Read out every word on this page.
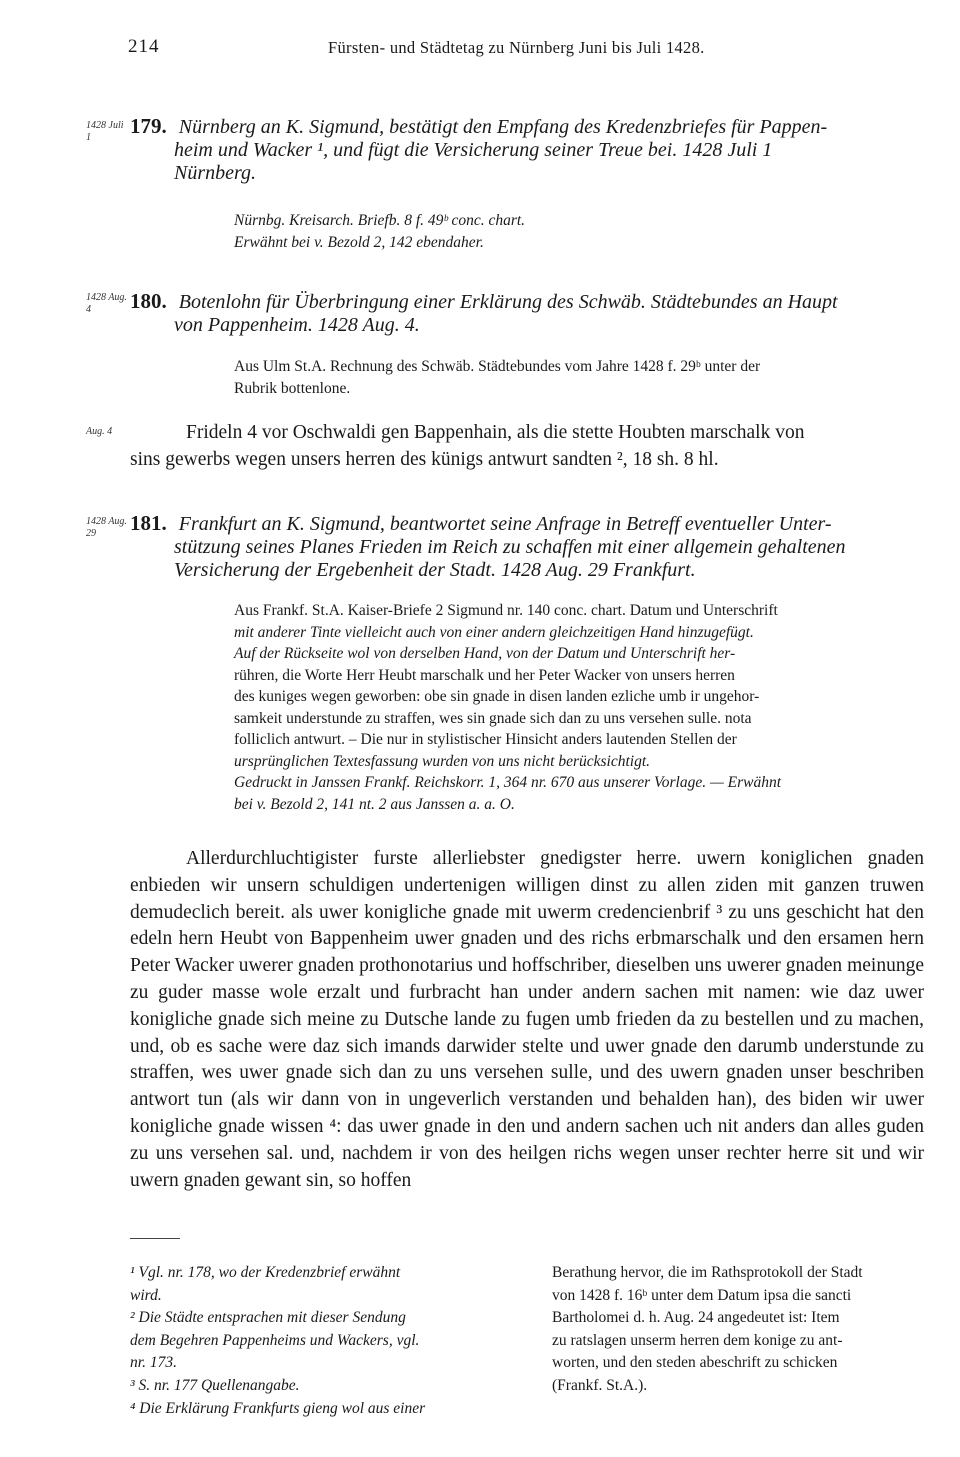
214	Fürsten- und Städtetag zu Nürnberg Juni bis Juli 1428.
1428 Juli 1	179. Nürnberg an K. Sigmund, bestätigt den Empfang des Kredenzbriefes für Pappen-
heim und Wacker ¹, und fügt die Versicherung seiner Treue bei. 1428 Juli 1
Nürnberg.
Nürnbg. Kreisarch. Briefb. 8 f. 49ᵇ conc. chart.
Erwähnt bei v. Bezold 2, 142 ebendaher.
1428 Aug. 4	180. Botenlohn für Überbringung einer Erklärung des Schwäb. Städtebundes an Haupt
von Pappenheim. 1428 Aug. 4.
Aus Ulm St.A. Rechnung des Schwäb. Städtebundes vom Jahre 1428 f. 29ᵇ unter der
Rubrik bottenlone.
Aug. 4	Frideln 4 vor Oschwaldi gen Bappenhain, als die stette Houbten marschalk von
sins gewerbs wegen unsers herren des künigs antwurt sandten ², 18 sh. 8 hl.
1428 Aug. 29	181. Frankfurt an K. Sigmund, beantwortet seine Anfrage in Betreff eventueller Unter-
stützung seines Planes Frieden im Reich zu schaffen mit einer allgemein gehaltenen
Versicherung der Ergebenheit der Stadt. 1428 Aug. 29 Frankfurt.
Aus Frankf. St.A. Kaiser-Briefe 2 Sigmund nr. 140 conc. chart. Datum und Unterschrift
mit anderer Tinte vielleicht auch von einer andern gleichzeitigen Hand hinzugefügt.
Auf der Rückseite wol von derselben Hand, von der Datum und Unterschrift her-
rühren, die Worte Herr Heubt marschalk und her Peter Wacker von unsers herren
des kuniges wegen geworben: obe sin gnade in disen landen ezliche umb ir ungehor-
samkeit understunde zu straffen, wes sin gnade sich dan zu uns versehen sulle. nota
folliclich antwurt. – Die nur in stylistischer Hinsicht anders lautenden Stellen der
ursprünglichen Textesfassung wurden von uns nicht berücksichtigt.
Gedruckt in Janssen Frankf. Reichskorr. 1, 364 nr. 670 aus unserer Vorlage. — Erwähnt
bei v. Bezold 2, 141 nt. 2 aus Janssen a. a. O.

Allerdurchluchtigister furste allerliebster gnedigster herre. uwern koniglichen gnaden enbieden wir unsern schuldigen undertenigen willigen dinst zu allen ziden mit ganzen truwen demudeclich bereit. als uwer konigliche gnade mit uwerm credencienbrif ³ zu uns geschicht hat den edeln hern Heubt von Bappenheim uwer gnaden und des richs erbmarschalk und den ersamen hern Peter Wacker uwerer gnaden prothonotarius und hoffschriber, dieselben uns uwerer gnaden meinunge zu guder masse wole erzalt und furbracht han under andern sachen mit namen: wie daz uwer konigliche gnade sich meine zu Dutsche lande zu fugen umb frieden da zu bestellen und zu machen, und, ob es sache were daz sich imands darwider stelte und uwer gnade den darumb understunde zu straffen, wes uwer gnade sich dan zu uns versehen sulle, und des uwern gnaden unser beschriben antwort tun (als wir dann von in ungeverlich verstanden und behalden han), des biden wir uwer konigliche gnade wissen ⁴: das uwer gnade in den und andern sachen uch nit anders dan alles guden zu uns versehen sal. und, nachdem ir von des heilgen richs wegen unser rechter herre sit und wir uwern gnaden gewant sin, so hoffen

¹ Vgl. nr. 178, wo der Kredenzbrief erwähnt
wird.
² Die Städte entsprachen mit dieser Sendung
dem Begehren Pappenheims und Wackers, vgl.
nr. 173.
³ S. nr. 177 Quellenangabe.
⁴ Die Erklärung Frankfurts gieng wol aus einer
Berathung hervor, die im Rathsprotokoll der Stadt
von 1428 f. 16ᵇ unter dem Datum ipsa die sancti
Bartholomei d. h. Aug. 24 angedeutet ist: Item
zu ratslagen unserm herren dem konige zu ant-
worten, und den steden abeschrift zu schicken
(Frankf. St.A.).
